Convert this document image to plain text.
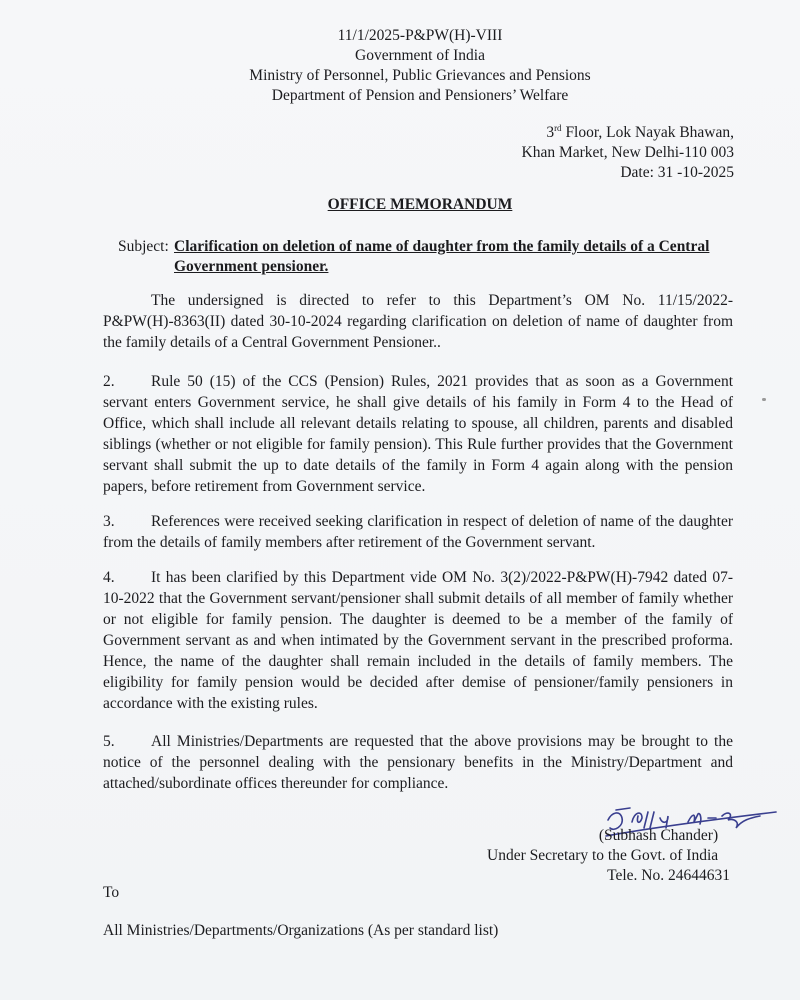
11/1/2025-P&PW(H)-VIII
Government of India
Ministry of Personnel, Public Grievances and Pensions
Department of Pension and Pensioners’ Welfare
3rd Floor, Lok Nayak Bhawan,
Khan Market, New Delhi-110 003
Date: 31 -10-2025
OFFICE MEMORANDUM
Subject: Clarification on deletion of name of daughter from the family details of a Central Government pensioner.
The undersigned is directed to refer to this Department’s OM No. 11/15/2022-P&PW(H)-8363(II) dated 30-10-2024 regarding clarification on deletion of name of daughter from the family details of a Central Government Pensioner..
2. Rule 50 (15) of the CCS (Pension) Rules, 2021 provides that as soon as a Government servant enters Government service, he shall give details of his family in Form 4 to the Head of Office, which shall include all relevant details relating to spouse, all children, parents and disabled siblings (whether or not eligible for family pension). This Rule further provides that the Government servant shall submit the up to date details of the family in Form 4 again along with the pension papers, before retirement from Government service.
3. References were received seeking clarification in respect of deletion of name of the daughter from the details of family members after retirement of the Government servant.
4. It has been clarified by this Department vide OM No. 3(2)/2022-P&PW(H)-7942 dated 07-10-2022 that the Government servant/pensioner shall submit details of all member of family whether or not eligible for family pension. The daughter is deemed to be a member of the family of Government servant as and when intimated by the Government servant in the prescribed proforma. Hence, the name of the daughter shall remain included in the details of family members. The eligibility for family pension would be decided after demise of pensioner/family pensioners in accordance with the existing rules.
5. All Ministries/Departments are requested that the above provisions may be brought to the notice of the personnel dealing with the pensionary benefits in the Ministry/Department and attached/subordinate offices thereunder for compliance.
(Subhash Chander)
Under Secretary to the Govt. of India
Tele. No. 24644631
To
All Ministries/Departments/Organizations (As per standard list)
